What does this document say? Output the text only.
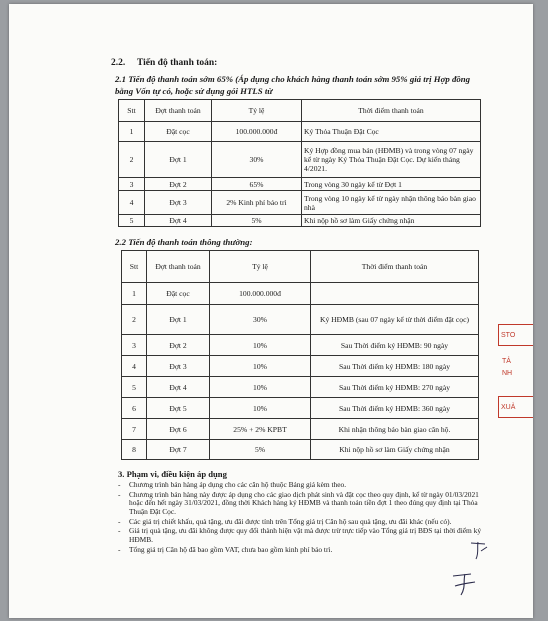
2.2. Tiến độ thanh toán:
2.1 Tiến độ thanh toán sớm 65% (Áp dụng cho khách hàng thanh toán sớm 95% giá trị Hợp đồng bằng Vốn tự có, hoặc sử dụng gói HTLS từ
Stt	Đợt thanh toán	Tỷ lệ	Thời điểm thanh toán
1	Đặt cọc	100.000.000đ	Ký Thỏa Thuận Đặt Cọc
2	Đợt 1	30%	Ký Hợp đồng mua bán (HĐMB) và trong vòng 07 ngày kể từ ngày Ký Thỏa Thuận Đặt Cọc. Dự kiến tháng 4/2021.
3	Đợt 2	65%	Trong vòng 30 ngày kể từ Đợt 1
4	Đợt 3	2% Kinh phí bảo trì	Trong vòng 10 ngày kể từ ngày nhận thông báo bàn giao nhà
5	Đợt 4	5%	Khi nộp hồ sơ làm Giấy chứng nhận
2.2 Tiến độ thanh toán thông thường:
Stt	Đợt thanh toán	Tỷ lệ	Thời điểm thanh toán
1	Đặt cọc	100.000.000đ	
2	Đợt 1	30%	Ký HĐMB (sau 07 ngày kể từ thời điểm đặt cọc)
3	Đợt 2	10%	Sau Thời điểm ký HĐMB: 90 ngày
4	Đợt 3	10%	Sau Thời điểm ký HĐMB: 180 ngày
5	Đợt 4	10%	Sau Thời điểm ký HĐMB: 270 ngày
6	Đợt 5	10%	Sau Thời điểm ký HĐMB: 360 ngày
7	Đợt 6	25% + 2% KPBT	Khi nhận thông báo bàn giao căn hộ.
8	Đợt 7	5%	Khi nộp hồ sơ làm Giấy chứng nhận
3. Phạm vi, điều kiện áp dụng
- Chương trình bán hàng áp dụng cho các căn hộ thuộc Bảng giá kèm theo.
- Chương trình bán hàng này được áp dụng cho các giao dịch phát sinh và đặt cọc theo quy định, kể từ ngày 01/03/2021 hoặc đến hết ngày 31/03/2021, đồng thời Khách hàng ký HĐMB và thanh toán tiền đợt 1 theo đúng quy định tại Thỏa Thuận Đặt Cọc.
- Các giá trị chiết khấu, quà tặng, ưu đãi được tính trên Tổng giá trị Căn hộ sau quà tặng, ưu đãi khác (nếu có).
- Giá trị quà tặng, ưu đãi không được quy đổi thành hiện vật mà được trừ trực tiếp vào Tổng giá trị BĐS tại thời điểm ký HĐMB.
- Tổng giá trị Căn hộ đã bao gồm VAT, chưa bao gồm kinh phí bảo trì.
STO
TẢ
NH
XUẢ
